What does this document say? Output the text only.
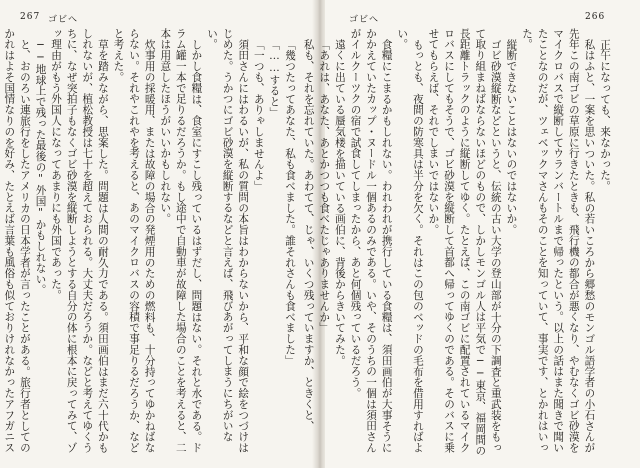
267 ゴビへ

「幾つたってあなた、私も食べました。誰それさんも食べました」

「……すると」

「一つも、ありゃしませんよ」

須田さんにはわるいが、私の質問の本旨はわからないから、平和な顔で絵をつづけはじめた。うかつにゴビ砂漠を縦断するなどと言えば、飛びあがってしまうにちがいない。

しかし食糧は、食室にすこし残っているはずだし、問題はない。それと水である。ドラム罐一本で足りるだろうか。もし途中で自動車が故障した場合のことを考えると、二本は用意したほうがいいかもしれない。

炊事用の採暖用、または故障の場合の発煙用のための燃料も、十分持ってゆかねばならない。それやこれやを考えると、あのマイクロバスの容積で事足りるだろうか、などと考えた。

草を踏みながら、思案した。問題は人間の耐久力である。須田画伯はまだ六十代かもしれないが、植松教授は七十を超えておられる。大丈夫だろうか。などと考えてゆくうちに、なぜ突拍子もなくゴビ砂漠を縦断しようとする自分の体に根本に戻ってみて、ゾッ理由がもう外国人になってあまりにも外国であった。

──地球上で残った最後の"外国"かもしれない。

と、おのろい連旅行をしたアメリカの日本学者が言ったことがある。旅行者としてのかれはよそ国情なりのを好み、たとえば言葉も風俗も似ておりけれなかったアフガニス

ゴビへ	266

正午になっても、来なかった。

私はふと、一案を思いついた。私の若いころから郷愁のモンゴル語学者の小石さんが先年この南ゴビの草原に行きたときも、飛行機の都合が悪くなり、やむなくゴビ砂漠をマイクロバスで縦断してウランバートルまで帰ったという。以上の話はまた聞きで聞いたことなのだが、ツェベックマさんもそのことを知っていて、事実です、とかれはいった。

縦断できないことはないのではないか。

ゴビ砂漠縦断などというと、伝統の古い大学の登山部が十分の下調査と重武装をもって取り組まねばならないほどのもので、しかしモンゴル人は平気で──東京、福岡間の長距離トラックのように縦断してゆく。たとえば、この南ゴビに配置されているマイクロバスにしてもそうで、ゴビ砂漠を縦断して首都へ帰ってゆくのである。そのバスに乗せてもらえば、それでしまいではないか。

もっとも、夜間の防寒具は半分を欠く。それはこの包のベッドの毛布を借用すればよい。

食糧にこまるかもしれない。われわれが携行している食糧は、須田画伯が大事そうにかかえていたカップ・ヌードル一個あるのみである。いや、そのうちの一個は須田さんがイルクーツクの宿で試食してしまったから、あと何個残っているだろう。

遠くに出ている蜃気楼を描いている画伯に、背後からきいてみた。

「あれは、あなた、あとかつつも食べたじゃありませんか」

私も、それを忘れていた。あわてて、じゃ、いくつ残っていますか、ときくと、
